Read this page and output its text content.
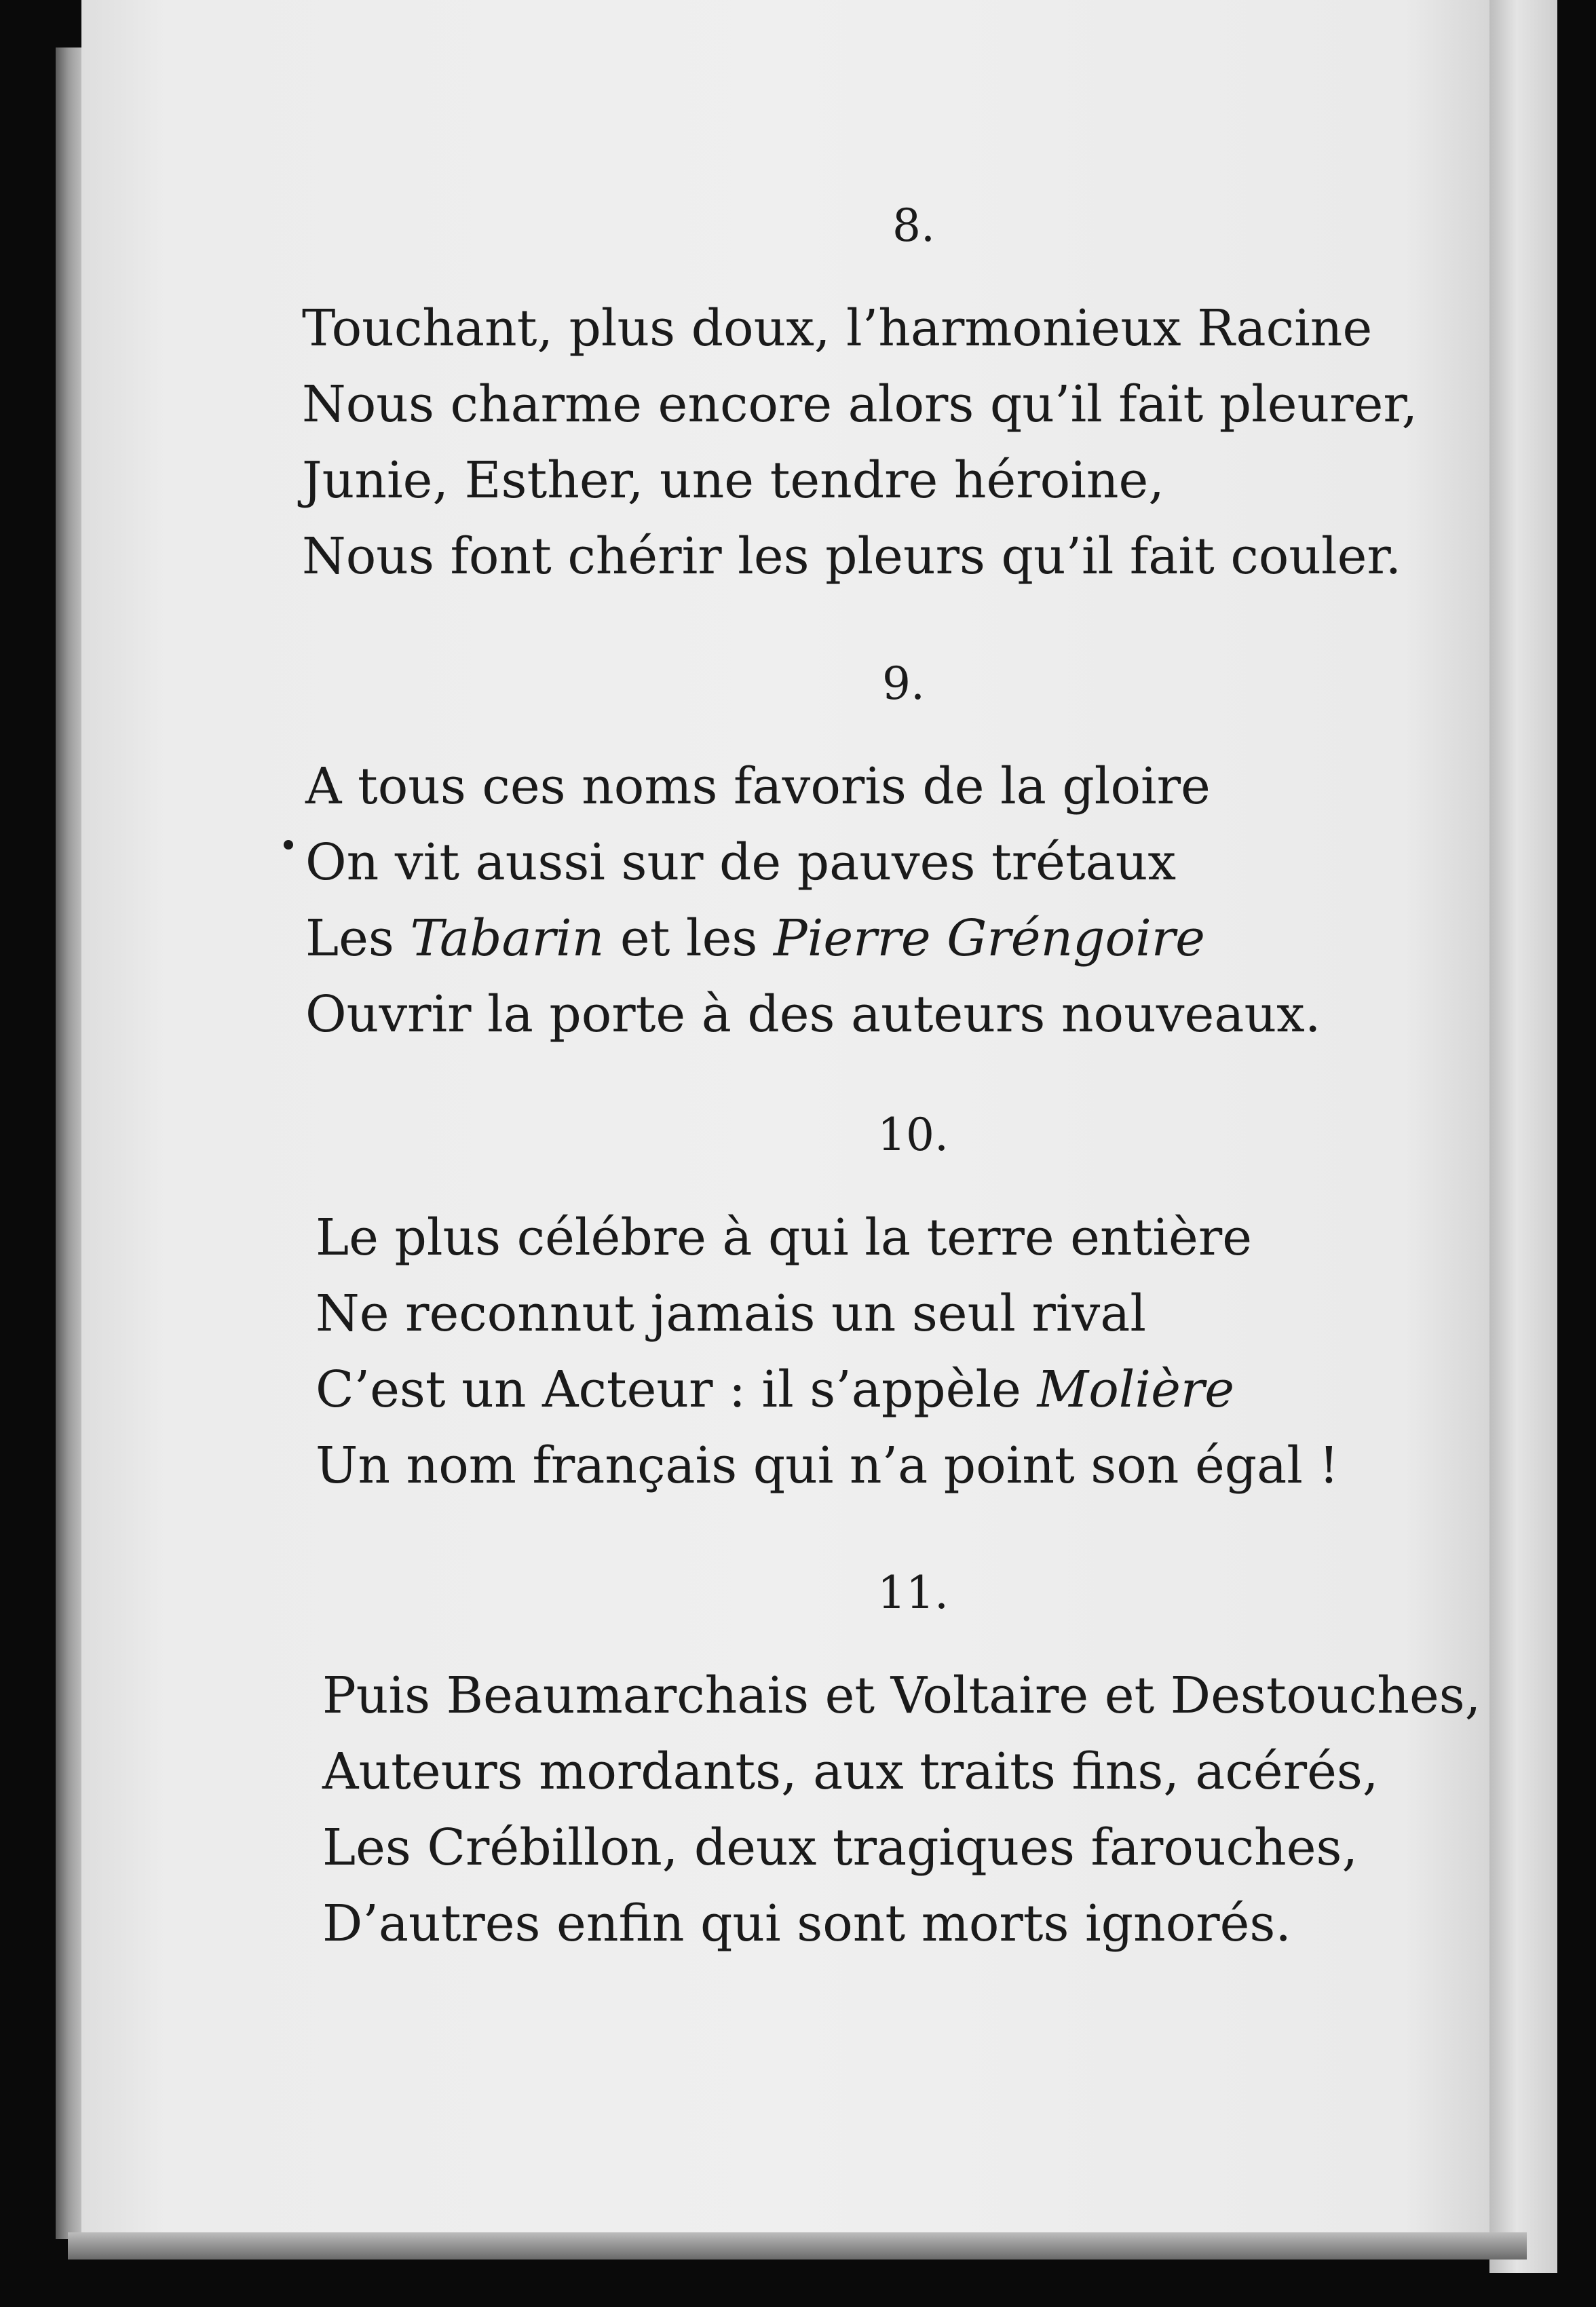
8.
Touchant, plus doux, l’harmonieux Racine
Nous charme encore alors qu’il fait pleurer,
Junie, Esther, une tendre héroine,
Nous font chérir les pleurs qu’il fait couler.
9.
A tous ces noms favoris de la gloire
On vit aussi sur de pauves trétaux
Les Tabarin et les Pierre Gréngoire
Ouvrir la porte à des auteurs nouveaux.
10.
Le plus célébre à qui la terre entière
Ne reconnut jamais un seul rival
C’est un Acteur : il s’appèle Molière
Un nom français qui n’a point son égal !
11.
Puis Beaumarchais et Voltaire et Destouches,
Auteurs mordants, aux traits fins, acérés,
Les Crébillon, deux tragiques farouches,
D’autres enfin qui sont morts ignorés.
